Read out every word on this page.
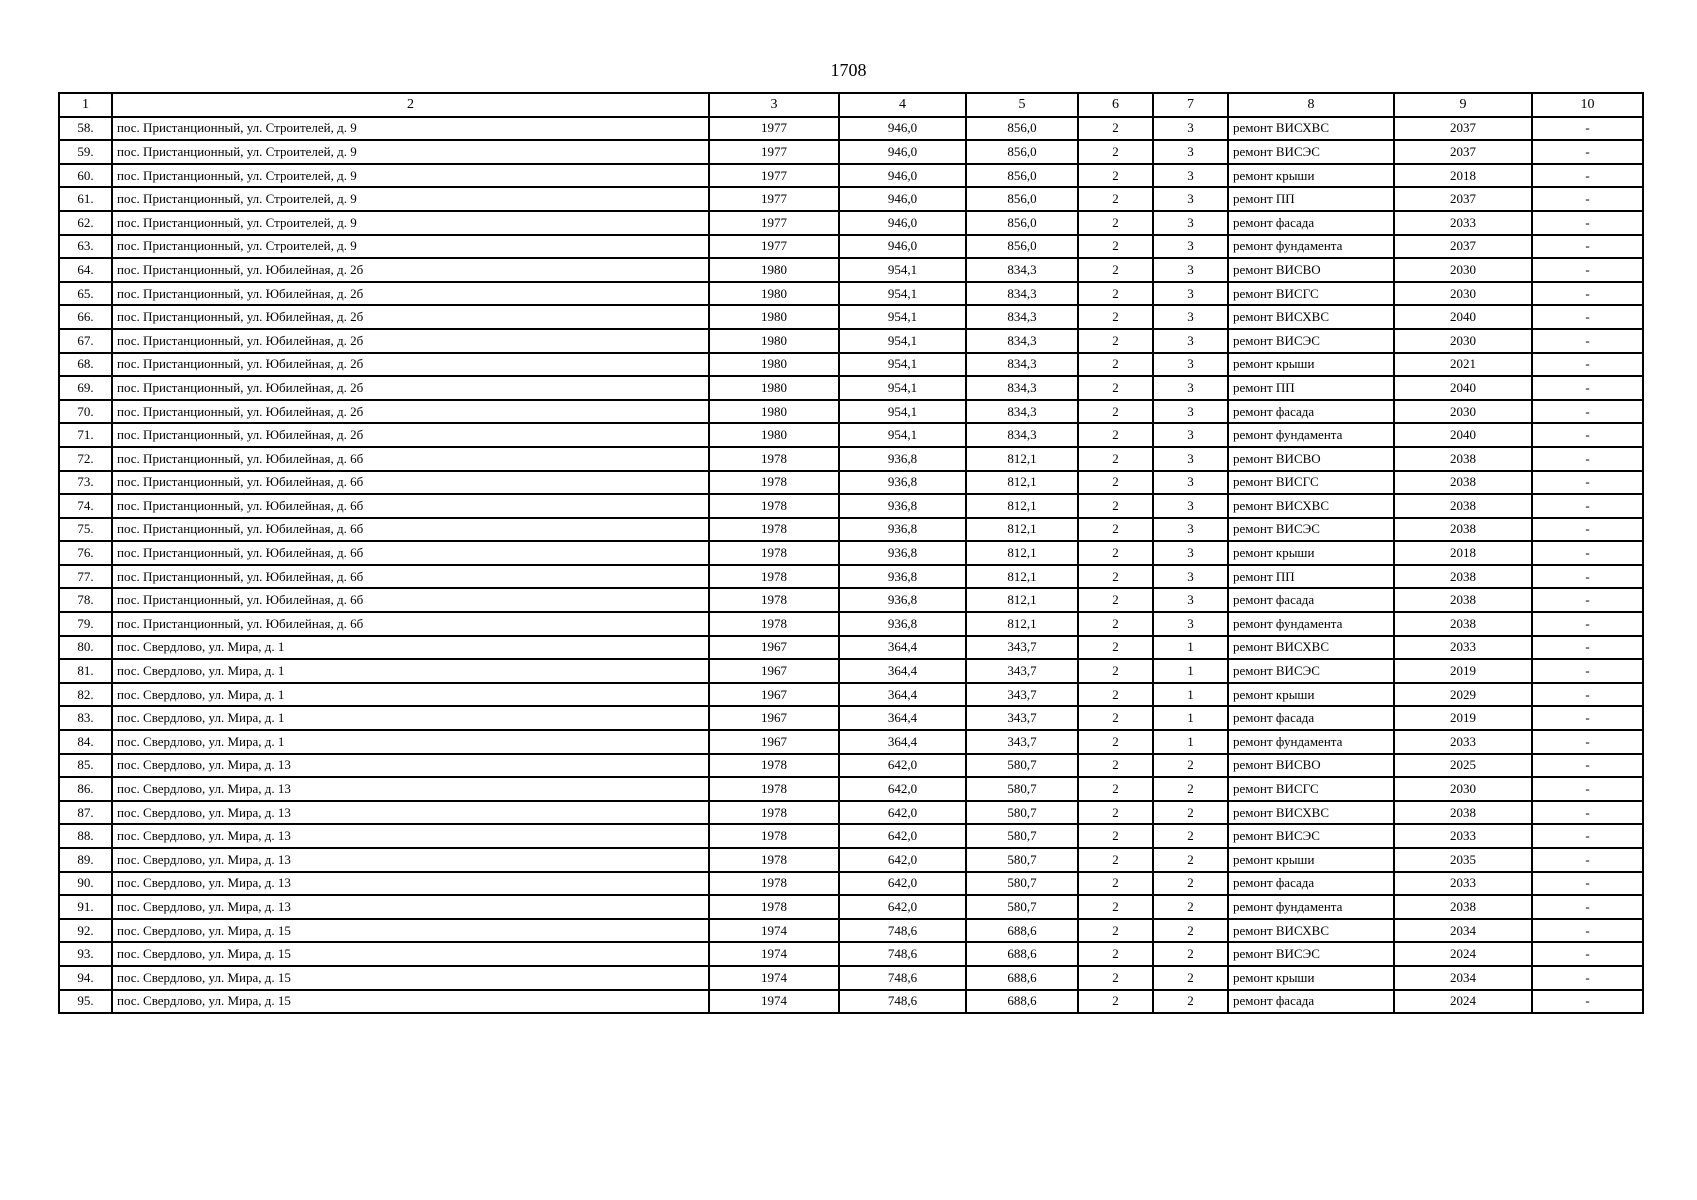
1708
1	2	3	4	5	6	7	8	9	10
58.	пос. Пристанционный, ул. Строителей, д. 9	1977	946,0	856,0	2	3	ремонт ВИСХВС	2037	-
59.	пос. Пристанционный, ул. Строителей, д. 9	1977	946,0	856,0	2	3	ремонт ВИСЭС	2037	-
60.	пос. Пристанционный, ул. Строителей, д. 9	1977	946,0	856,0	2	3	ремонт крыши	2018	-
61.	пос. Пристанционный, ул. Строителей, д. 9	1977	946,0	856,0	2	3	ремонт ПП	2037	-
62.	пос. Пристанционный, ул. Строителей, д. 9	1977	946,0	856,0	2	3	ремонт фасада	2033	-
63.	пос. Пристанционный, ул. Строителей, д. 9	1977	946,0	856,0	2	3	ремонт фундамента	2037	-
64.	пос. Пристанционный, ул. Юбилейная, д. 2б	1980	954,1	834,3	2	3	ремонт ВИСВО	2030	-
65.	пос. Пристанционный, ул. Юбилейная, д. 2б	1980	954,1	834,3	2	3	ремонт ВИСГС	2030	-
66.	пос. Пристанционный, ул. Юбилейная, д. 2б	1980	954,1	834,3	2	3	ремонт ВИСХВС	2040	-
67.	пос. Пристанционный, ул. Юбилейная, д. 2б	1980	954,1	834,3	2	3	ремонт ВИСЭС	2030	-
68.	пос. Пристанционный, ул. Юбилейная, д. 2б	1980	954,1	834,3	2	3	ремонт крыши	2021	-
69.	пос. Пристанционный, ул. Юбилейная, д. 2б	1980	954,1	834,3	2	3	ремонт ПП	2040	-
70.	пос. Пристанционный, ул. Юбилейная, д. 2б	1980	954,1	834,3	2	3	ремонт фасада	2030	-
71.	пос. Пристанционный, ул. Юбилейная, д. 2б	1980	954,1	834,3	2	3	ремонт фундамента	2040	-
72.	пос. Пристанционный, ул. Юбилейная, д. 6б	1978	936,8	812,1	2	3	ремонт ВИСВО	2038	-
73.	пос. Пристанционный, ул. Юбилейная, д. 6б	1978	936,8	812,1	2	3	ремонт ВИСГС	2038	-
74.	пос. Пристанционный, ул. Юбилейная, д. 6б	1978	936,8	812,1	2	3	ремонт ВИСХВС	2038	-
75.	пос. Пристанционный, ул. Юбилейная, д. 6б	1978	936,8	812,1	2	3	ремонт ВИСЭС	2038	-
76.	пос. Пристанционный, ул. Юбилейная, д. 6б	1978	936,8	812,1	2	3	ремонт крыши	2018	-
77.	пос. Пристанционный, ул. Юбилейная, д. 6б	1978	936,8	812,1	2	3	ремонт ПП	2038	-
78.	пос. Пристанционный, ул. Юбилейная, д. 6б	1978	936,8	812,1	2	3	ремонт фасада	2038	-
79.	пос. Пристанционный, ул. Юбилейная, д. 6б	1978	936,8	812,1	2	3	ремонт фундамента	2038	-
80.	пос. Свердлово, ул. Мира, д. 1	1967	364,4	343,7	2	1	ремонт ВИСХВС	2033	-
81.	пос. Свердлово, ул. Мира, д. 1	1967	364,4	343,7	2	1	ремонт ВИСЭС	2019	-
82.	пос. Свердлово, ул. Мира, д. 1	1967	364,4	343,7	2	1	ремонт крыши	2029	-
83.	пос. Свердлово, ул. Мира, д. 1	1967	364,4	343,7	2	1	ремонт фасада	2019	-
84.	пос. Свердлово, ул. Мира, д. 1	1967	364,4	343,7	2	1	ремонт фундамента	2033	-
85.	пос. Свердлово, ул. Мира, д. 13	1978	642,0	580,7	2	2	ремонт ВИСВО	2025	-
86.	пос. Свердлово, ул. Мира, д. 13	1978	642,0	580,7	2	2	ремонт ВИСГС	2030	-
87.	пос. Свердлово, ул. Мира, д. 13	1978	642,0	580,7	2	2	ремонт ВИСХВС	2038	-
88.	пос. Свердлово, ул. Мира, д. 13	1978	642,0	580,7	2	2	ремонт ВИСЭС	2033	-
89.	пос. Свердлово, ул. Мира, д. 13	1978	642,0	580,7	2	2	ремонт крыши	2035	-
90.	пос. Свердлово, ул. Мира, д. 13	1978	642,0	580,7	2	2	ремонт фасада	2033	-
91.	пос. Свердлово, ул. Мира, д. 13	1978	642,0	580,7	2	2	ремонт фундамента	2038	-
92.	пос. Свердлово, ул. Мира, д. 15	1974	748,6	688,6	2	2	ремонт ВИСХВС	2034	-
93.	пос. Свердлово, ул. Мира, д. 15	1974	748,6	688,6	2	2	ремонт ВИСЭС	2024	-
94.	пос. Свердлово, ул. Мира, д. 15	1974	748,6	688,6	2	2	ремонт крыши	2034	-
95.	пос. Свердлово, ул. Мира, д. 15	1974	748,6	688,6	2	2	ремонт фасада	2024	-
